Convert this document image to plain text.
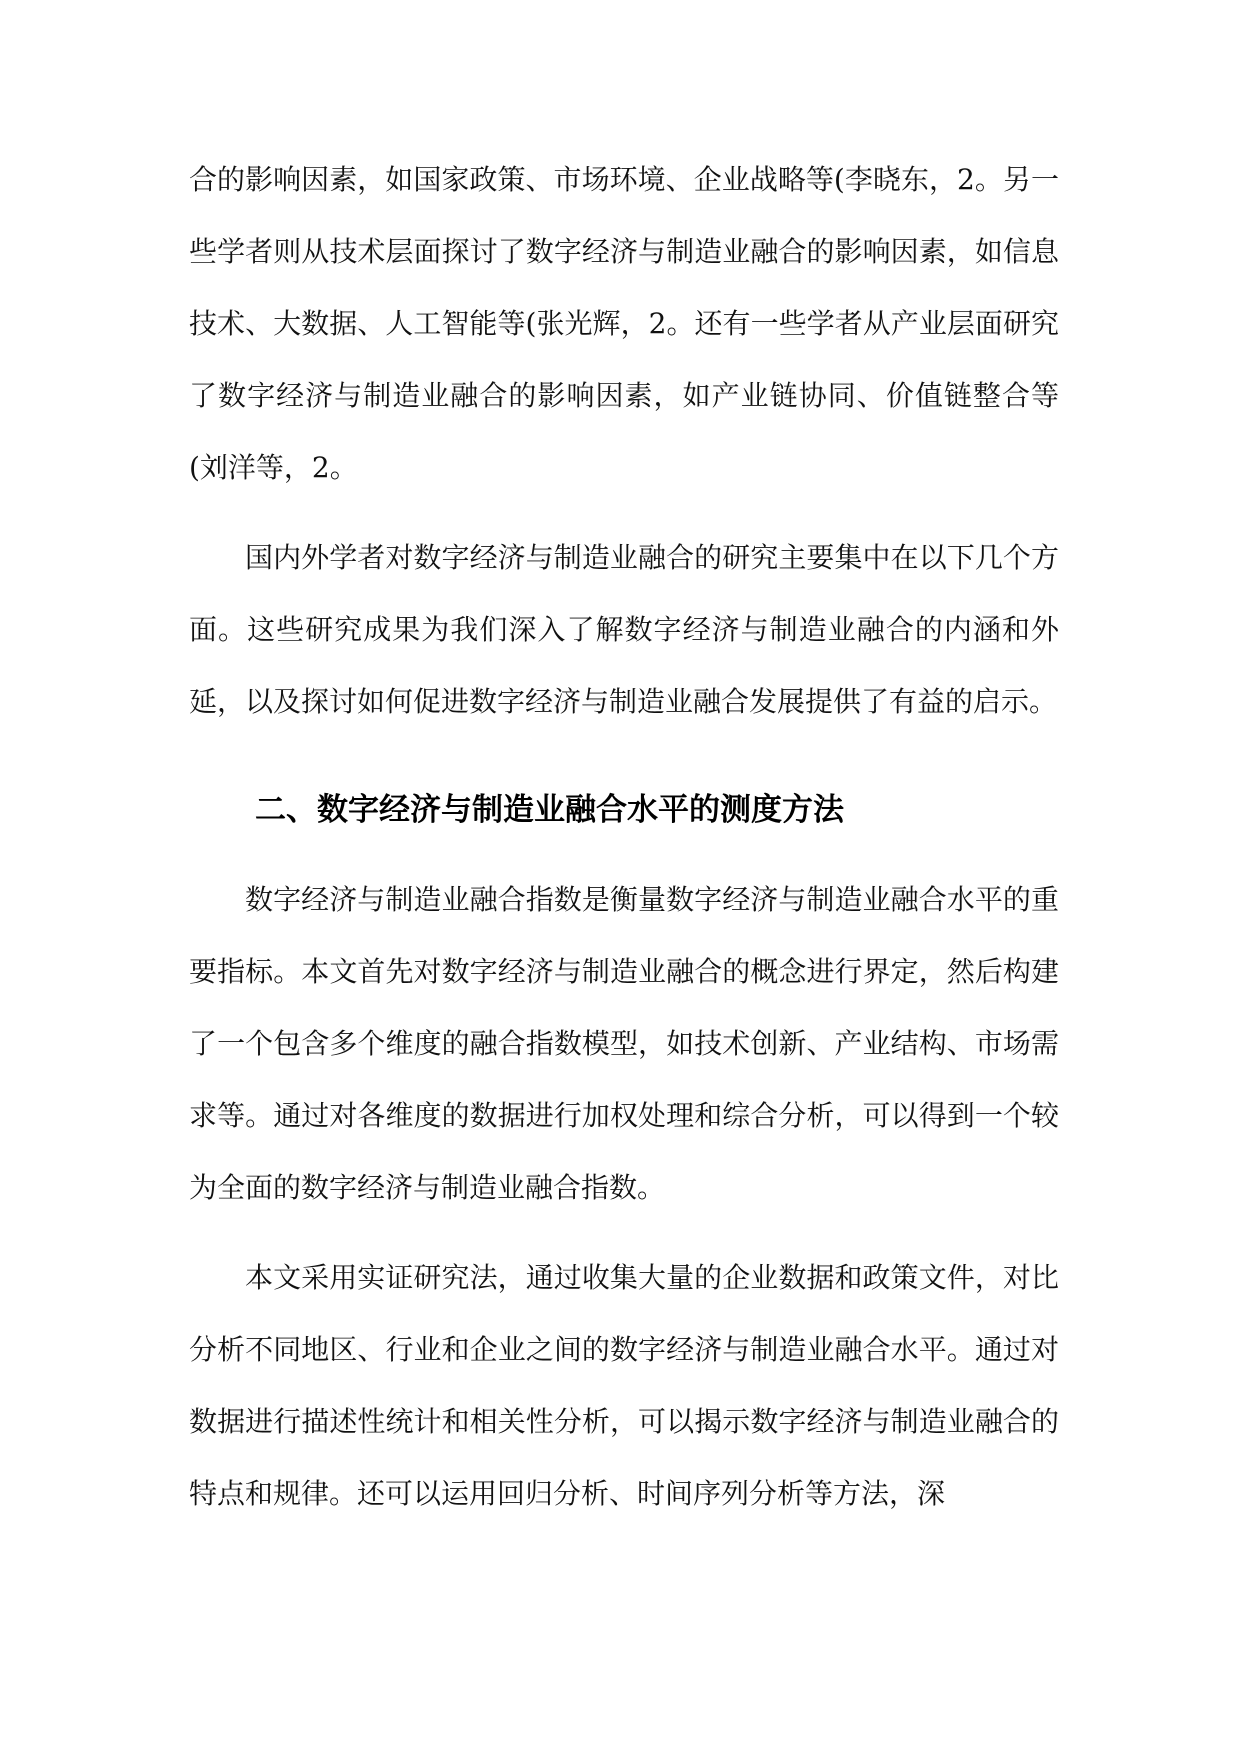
合的影响因素，如国家政策、市场环境、企业战略等(李晓东，2。另一些学者则从技术层面探讨了数字经济与制造业融合的影响因素，如信息技术、大数据、人工智能等(张光辉，2。还有一些学者从产业层面研究了数字经济与制造业融合的影响因素，如产业链协同、价值链整合等(刘洋等，2。

国内外学者对数字经济与制造业融合的研究主要集中在以下几个方面。这些研究成果为我们深入了解数字经济与制造业融合的内涵和外延，以及探讨如何促进数字经济与制造业融合发展提供了有益的启示。

二、数字经济与制造业融合水平的测度方法

数字经济与制造业融合指数是衡量数字经济与制造业融合水平的重要指标。本文首先对数字经济与制造业融合的概念进行界定，然后构建了一个包含多个维度的融合指数模型，如技术创新、产业结构、市场需求等。通过对各维度的数据进行加权处理和综合分析，可以得到一个较为全面的数字经济与制造业融合指数。

本文采用实证研究法，通过收集大量的企业数据和政策文件，对比分析不同地区、行业和企业之间的数字经济与制造业融合水平。通过对数据进行描述性统计和相关性分析，可以揭示数字经济与制造业融合的特点和规律。还可以运用回归分析、时间序列分析等方法，深
